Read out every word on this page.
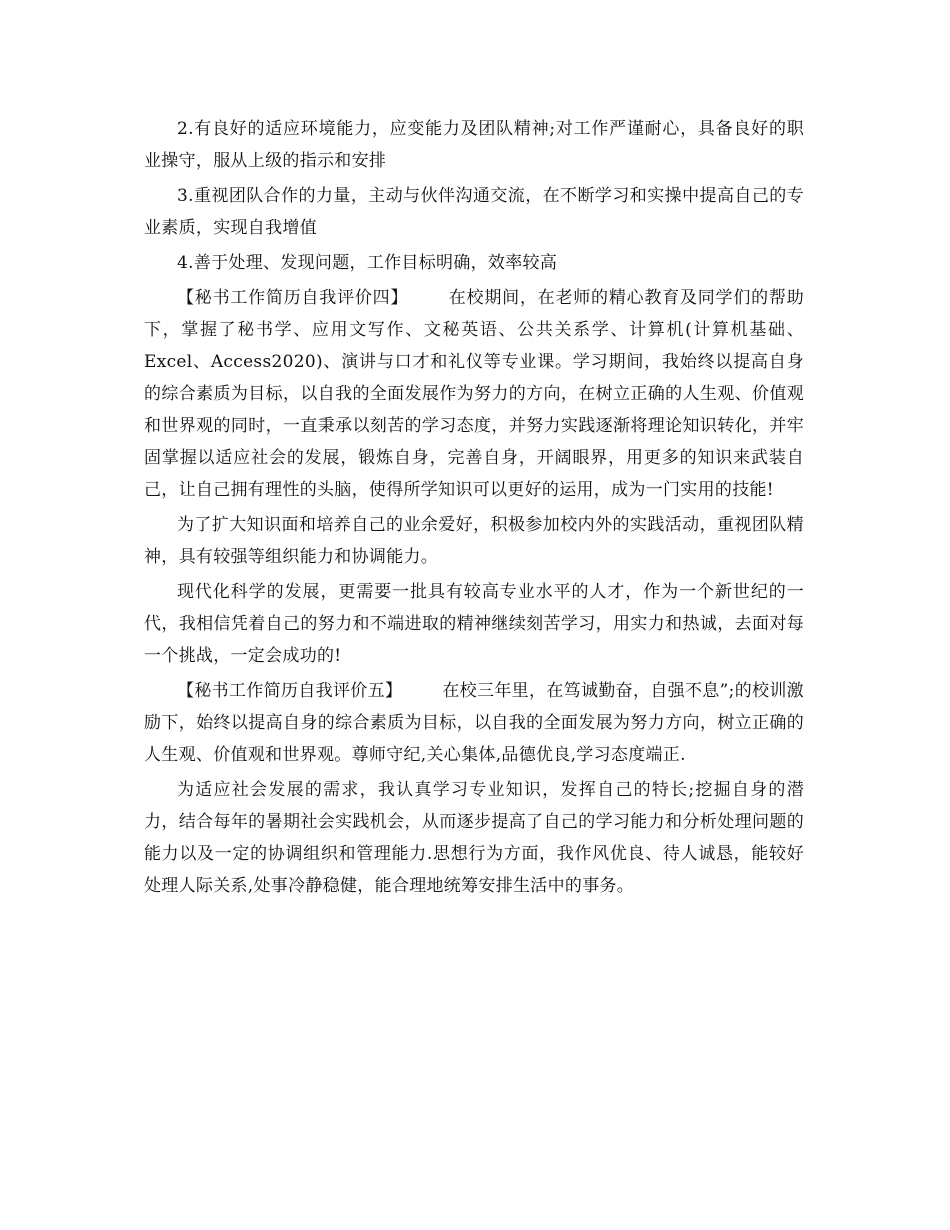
2.有良好的适应环境能力，应变能力及团队精神;对工作严谨耐心，具备良好的职业操守，服从上级的指示和安排

3.重视团队合作的力量，主动与伙伴沟通交流，在不断学习和实操中提高自己的专业素质，实现自我增值

4.善于处理、发现问题，工作目标明确，效率较高

【秘书工作简历自我评价四】 在校期间，在老师的精心教育及同学们的帮助下，掌握了秘书学、应用文写作、文秘英语、公共关系学、计算机(计算机基础、Excel、Access2020)、演讲与口才和礼仪等专业课。学习期间，我始终以提高自身的综合素质为目标，以自我的全面发展作为努力的方向，在树立正确的人生观、价值观和世界观的同时，一直秉承以刻苦的学习态度，并努力实践逐渐将理论知识转化，并牢固掌握以适应社会的发展，锻炼自身，完善自身，开阔眼界，用更多的知识来武装自己，让自己拥有理性的头脑，使得所学知识可以更好的运用，成为一门实用的技能!

为了扩大知识面和培养自己的业余爱好，积极参加校内外的实践活动，重视团队精神，具有较强等组织能力和协调能力。

现代化科学的发展，更需要一批具有较高专业水平的人才，作为一个新世纪的一代，我相信凭着自己的努力和不端进取的精神继续刻苦学习，用实力和热诚，去面对每一个挑战，一定会成功的!

【秘书工作简历自我评价五】 在校三年里，在笃诚勤奋，自强不息”;的校训激励下，始终以提高自身的综合素质为目标，以自我的全面发展为努力方向，树立正确的人生观、价值观和世界观。尊师守纪,关心集体,品德优良,学习态度端正.

为适应社会发展的需求，我认真学习专业知识，发挥自己的特长;挖掘自身的潜力，结合每年的暑期社会实践机会，从而逐步提高了自己的学习能力和分析处理问题的能力以及一定的协调组织和管理能力.思想行为方面，我作风优良、待人诚恳，能较好处理人际关系,处事冷静稳健，能合理地统筹安排生活中的事务。
